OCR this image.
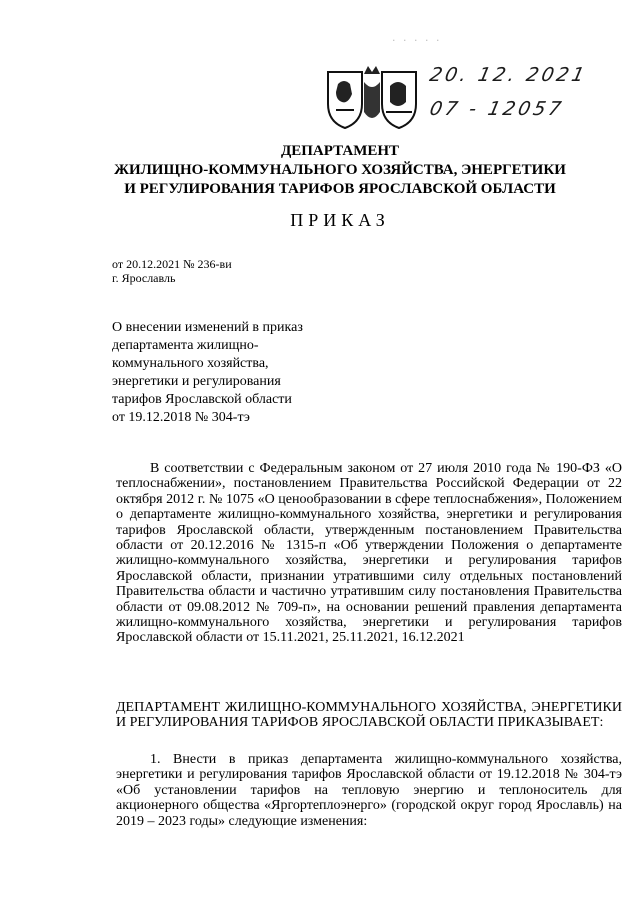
· · · · ·
20. 12. 2021
07 - 12057
ДЕПАРТАМЕНТ
ЖИЛИЩНО-КОММУНАЛЬНОГО ХОЗЯЙСТВА, ЭНЕРГЕТИКИ
И РЕГУЛИРОВАНИЯ ТАРИФОВ ЯРОСЛАВСКОЙ ОБЛАСТИ
ПРИКАЗ
от 20.12.2021 № 236-ви
г. Ярославль
О внесении изменений в приказ
департамента жилищно-
коммунального хозяйства,
энергетики и регулирования
тарифов Ярославской области
от 19.12.2018 № 304-тэ
В соответствии с Федеральным законом от 27 июля 2010 года № 190-ФЗ «О теплоснабжении», постановлением Правительства Российской Федерации от 22 октября 2012 г. № 1075 «О ценообразовании в сфере теплоснабжения», Положением о департаменте жилищно-коммунального хозяйства, энергетики и регулирования тарифов Ярославской области, утвержденным постановлением Правительства области от 20.12.2016 № 1315-п «Об утверждении Положения о департаменте жилищно-коммунального хозяйства, энергетики и регулирования тарифов Ярославской области, признании утратившими силу отдельных постановлений Правительства области и частично утратившим силу постановления Правительства области от 09.08.2012 № 709-п», на основании решений правления департамента жилищно-коммунального хозяйства, энергетики и регулирования тарифов Ярославской области от 15.11.2021, 25.11.2021, 16.12.2021
ДЕПАРТАМЕНТ ЖИЛИЩНО-КОММУНАЛЬНОГО ХОЗЯЙСТВА, ЭНЕРГЕТИКИ И РЕГУЛИРОВАНИЯ ТАРИФОВ ЯРОСЛАВСКОЙ ОБЛАСТИ ПРИКАЗЫВАЕТ:
1. Внести в приказ департамента жилищно-коммунального хозяйства, энергетики и регулирования тарифов Ярославской области от 19.12.2018 № 304-тэ «Об установлении тарифов на тепловую энергию и теплоноситель для акционерного общества «Яргортеплоэнерго» (городской округ город Ярославль) на 2019 – 2023 годы» следующие изменения:
